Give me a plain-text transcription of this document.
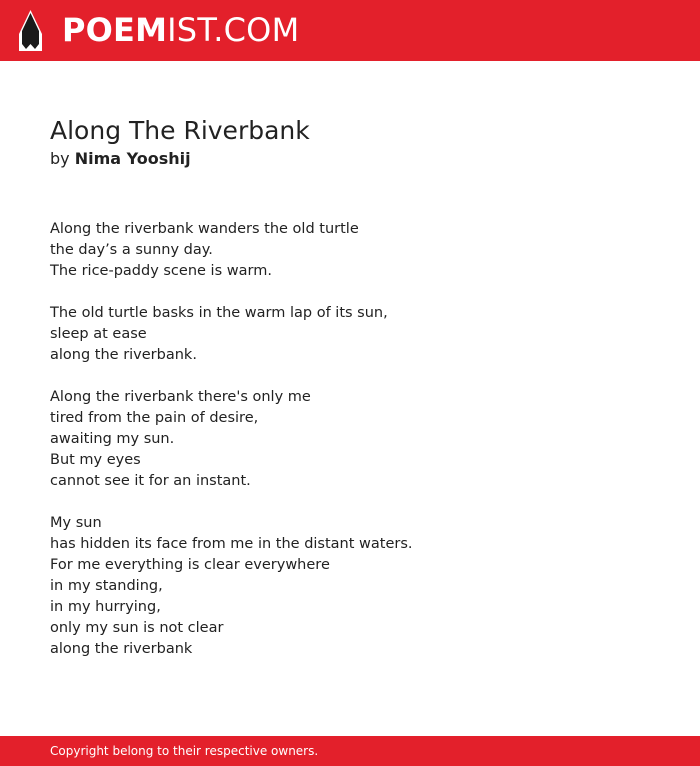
POEMIST.COM
Along The Riverbank
by Nima Yooshij
Along the riverbank wanders the old turtle
the day’s a sunny day.
The rice-paddy scene is warm.
The old turtle basks in the warm lap of its sun,
sleep at ease
along the riverbank.
Along the riverbank there's only me
tired from the pain of desire,
awaiting my sun.
But my eyes
cannot see it for an instant.
My sun
has hidden its face from me in the distant waters.
For me everything is clear everywhere
in my standing,
in my hurrying,
only my sun is not clear
along the riverbank
Copyright belong to their respective owners.
